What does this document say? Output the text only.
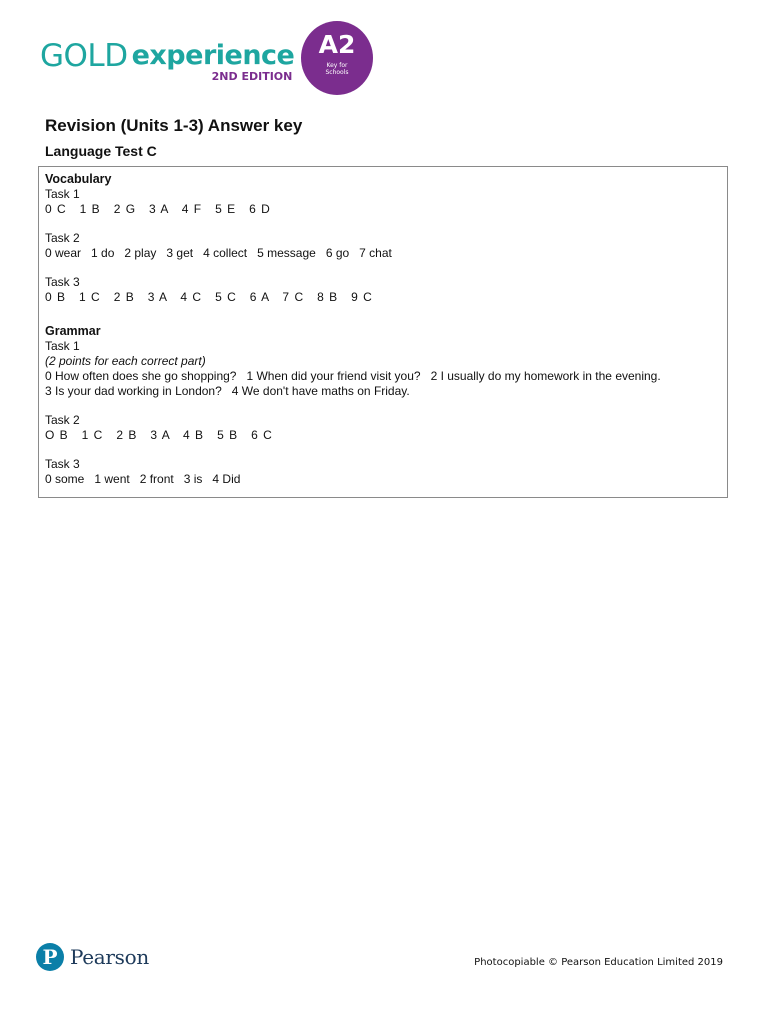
GOLD experience
2ND EDITION
A2
Key for
Schools
Revision (Units 1-3) Answer key
Language Test C
Vocabulary
Task 1
0 C   1 B   2 G   3 A   4 F   5 E   6 D
Task 2
0 wear   1 do   2 play   3 get   4 collect   5 message   6 go   7 chat
Task 3
0 B   1 C   2 B   3 A   4 C   5 C   6 A   7 C   8 B   9 C
Grammar
Task 1
(2 points for each correct part)
0 How often does she go shopping?   1 When did your friend visit you?   2 I usually do my homework in the evening.
3 Is your dad working in London?   4 We don't have maths on Friday.
Task 2
O B   1 C   2 B   3 A   4 B   5 B   6 C
Task 3
0 some   1 went   2 front   3 is   4 Did
P Pearson	Photocopiable © Pearson Education Limited 2019
